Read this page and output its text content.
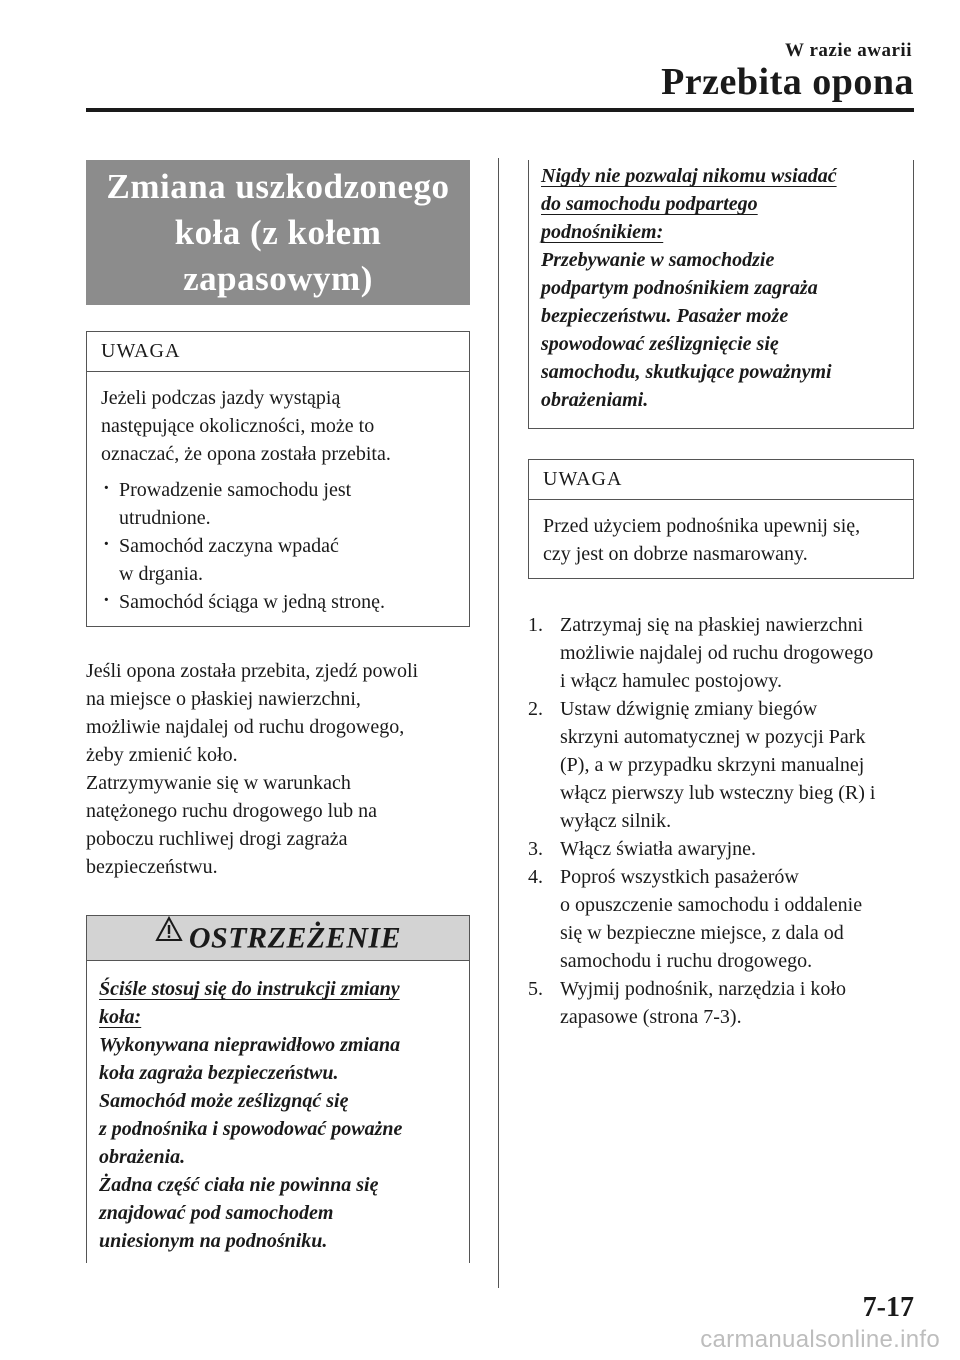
W razie awarii
Przebita opona
Zmiana uszkodzonego
koła (z kołem zapasowym)
UWAGA
Jeżeli podczas jazdy wystąpią
następujące okoliczności, może to
oznaczać, że opona została przebita.
· Prowadzenie samochodu jest
utrudnione.
· Samochód zaczyna wpadać
w drgania.
· Samochód ściąga w jedną stronę.

Jeśli opona została przebita, zjedź powoli

na miejsce o płaskiej nawierzchni,

możliwie najdalej od ruchu drogowego,

żeby zmienić koło.

Zatrzymywanie się w warunkach

natężonego ruchu drogowego lub na

poboczu ruchliwej drogi zagraża

bezpieczeństwu.

OSTRZEŻENIE
Ściśle stosuj się do instrukcji zmiany
koła:
Wykonywana nieprawidłowo zmiana
koła zagraża bezpieczeństwu.
Samochód może ześlizgnąć się
z podnośnika i spowodować poważne
obrażenia.
Żadna część ciała nie powinna się
znajdować pod samochodem
uniesionym na podnośniku.
Nigdy nie pozwalaj nikomu wsiadać
do samochodu podpartego
podnośnikiem:
Przebywanie w samochodzie
podpartym podnośnikiem zagraża
bezpieczeństwu. Pasażer może
spowodować ześlizgnięcie się
samochodu, skutkujące poważnymi
obrażeniami.
UWAGA
Przed użyciem podnośnika upewnij się,
czy jest on dobrze nasmarowany.
1. Zatrzymaj się na płaskiej nawierzchni
możliwie najdalej od ruchu drogowego
i włącz hamulec postojowy.
2. Ustaw dźwignię zmiany biegów
skrzyni automatycznej w pozycji Park
(P), a w przypadku skrzyni manualnej
włącz pierwszy lub wsteczny bieg (R) i
wyłącz silnik.
3. Włącz światła awaryjne.
4. Poproś wszystkich pasażerów
o opuszczenie samochodu i oddalenie
się w bezpieczne miejsce, z dala od
samochodu i ruchu drogowego.
5. Wyjmij podnośnik, narzędzia i koło
zapasowe (strona 7-3).
7-17
carmanualsonline.info
